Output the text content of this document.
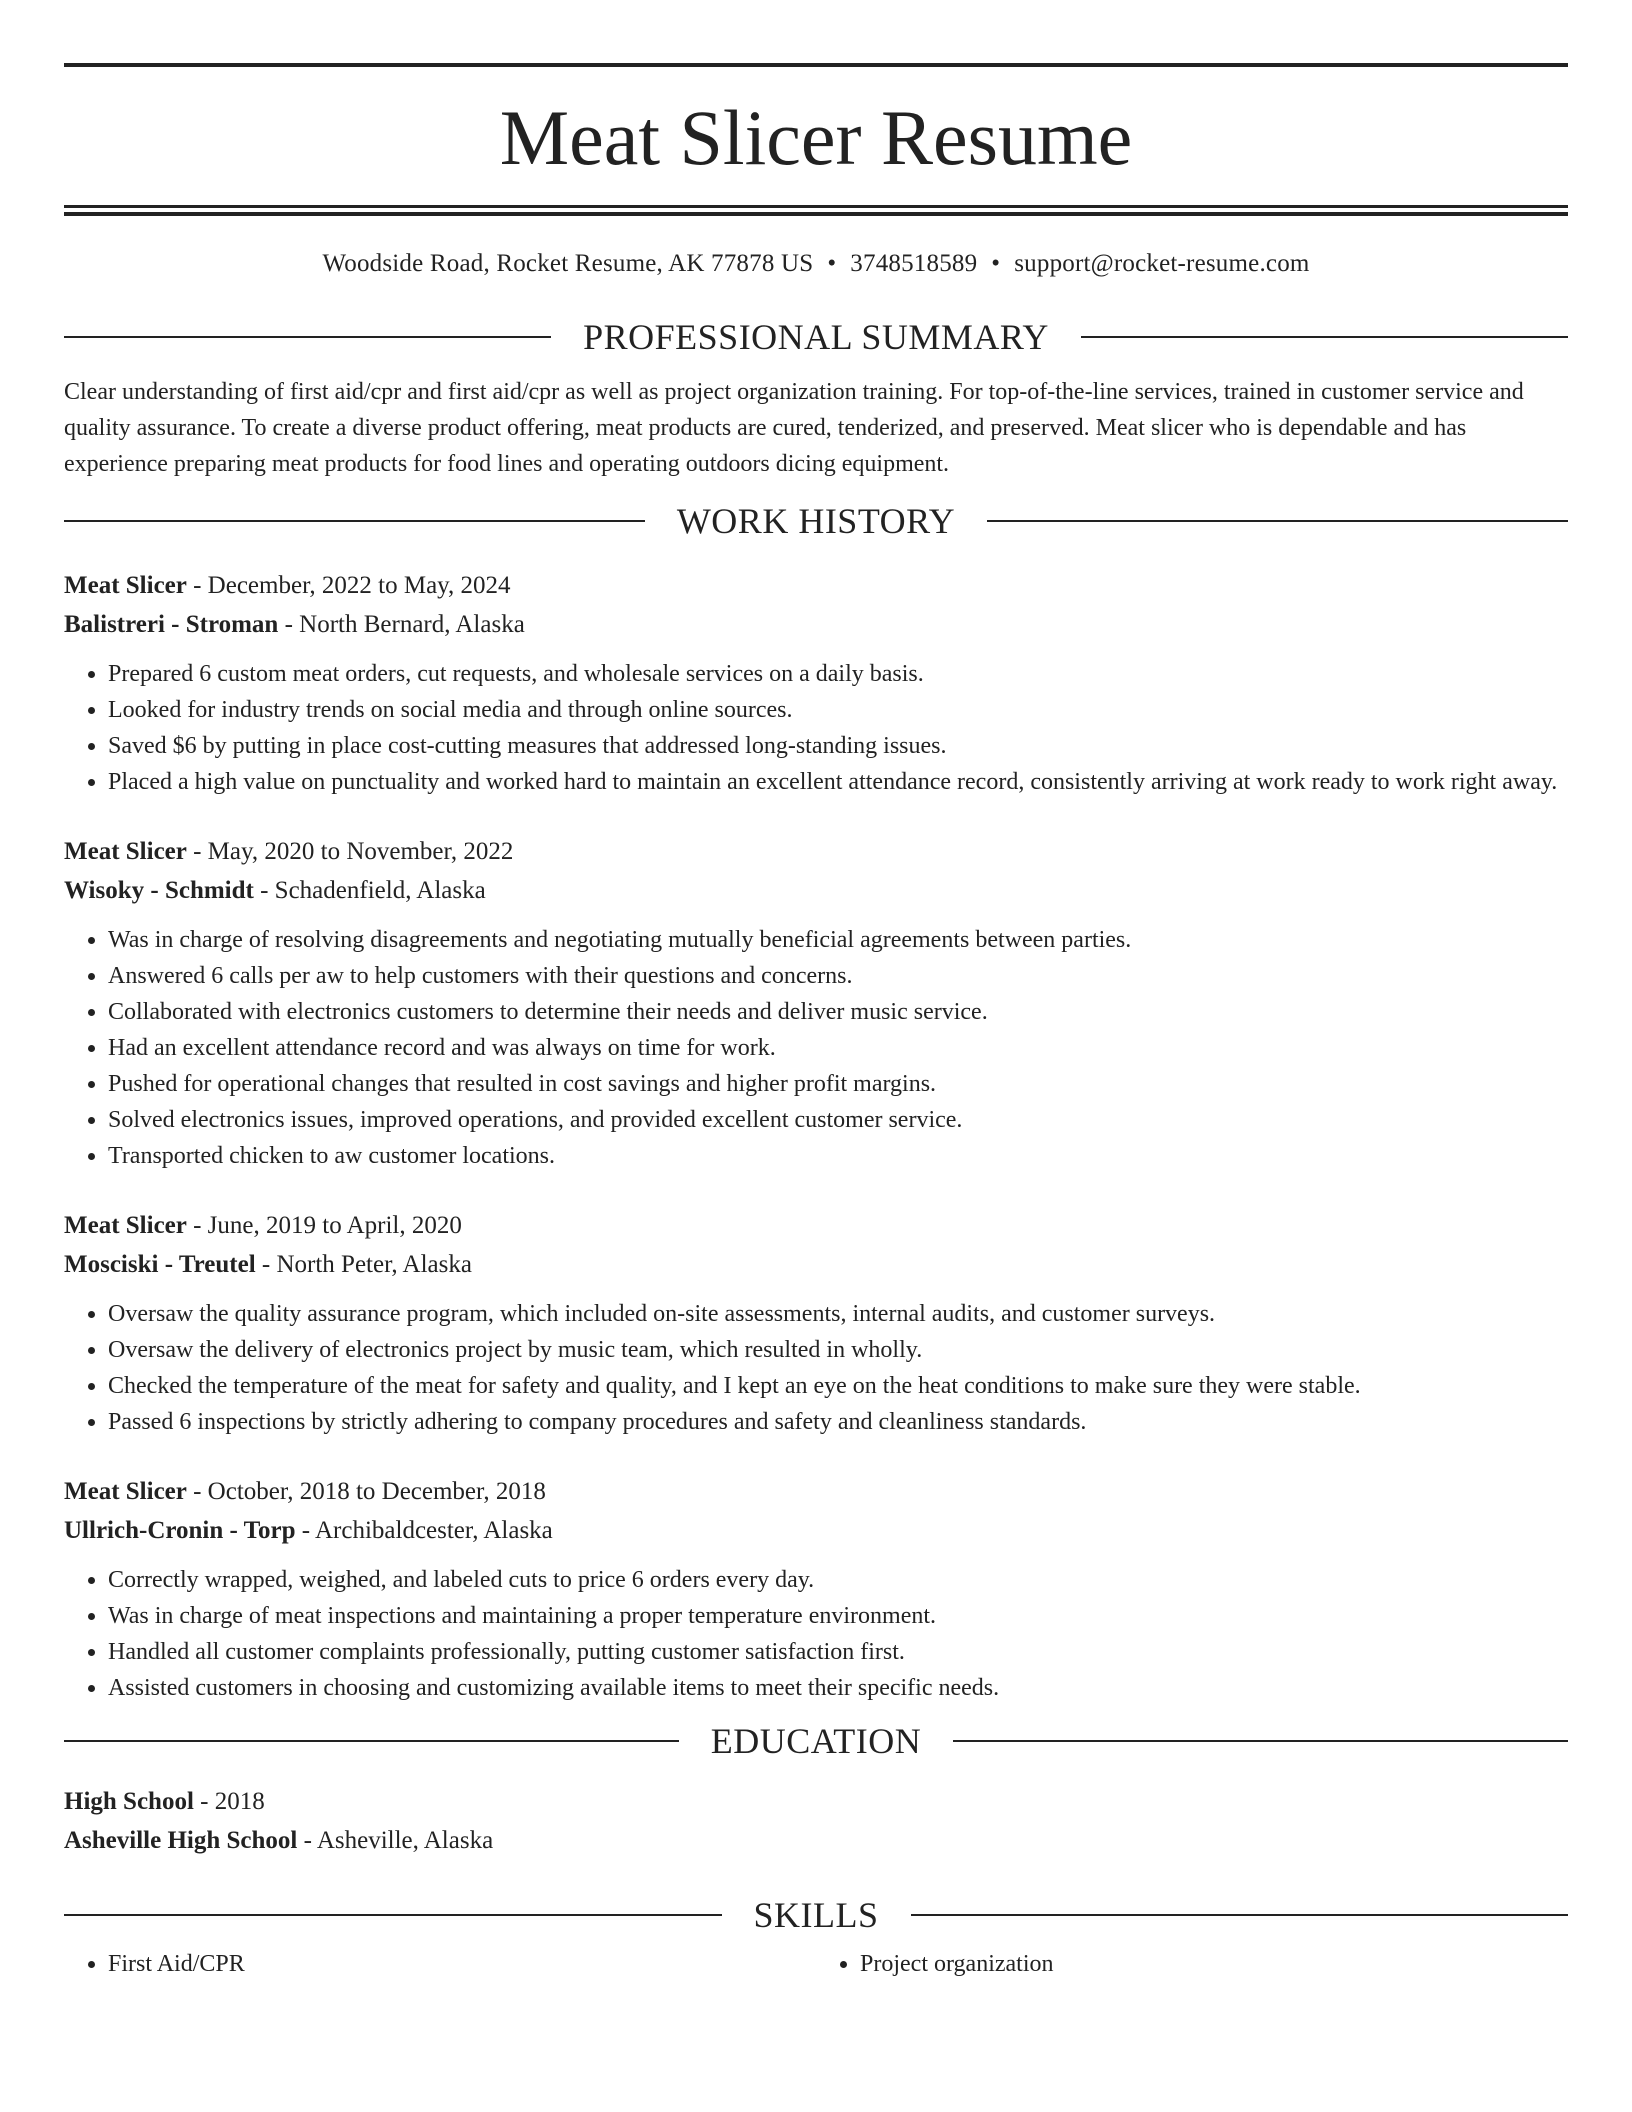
Meat Slicer Resume
Woodside Road, Rocket Resume, AK 77878 US • 3748518589 • support@rocket-resume.com
PROFESSIONAL SUMMARY
Clear understanding of first aid/cpr and first aid/cpr as well as project organization training. For top-of-the-line services, trained in customer service and quality assurance. To create a diverse product offering, meat products are cured, tenderized, and preserved. Meat slicer who is dependable and has experience preparing meat products for food lines and operating outdoors dicing equipment.
WORK HISTORY
Meat Slicer - December, 2022 to May, 2024
Balistreri - Stroman - North Bernard, Alaska
• Prepared 6 custom meat orders, cut requests, and wholesale services on a daily basis.
• Looked for industry trends on social media and through online sources.
• Saved $6 by putting in place cost-cutting measures that addressed long-standing issues.
• Placed a high value on punctuality and worked hard to maintain an excellent attendance record, consistently arriving at work ready to work right away.
Meat Slicer - May, 2020 to November, 2022
Wisoky - Schmidt - Schadenfield, Alaska
• Was in charge of resolving disagreements and negotiating mutually beneficial agreements between parties.
• Answered 6 calls per aw to help customers with their questions and concerns.
• Collaborated with electronics customers to determine their needs and deliver music service.
• Had an excellent attendance record and was always on time for work.
• Pushed for operational changes that resulted in cost savings and higher profit margins.
• Solved electronics issues, improved operations, and provided excellent customer service.
• Transported chicken to aw customer locations.
Meat Slicer - June, 2019 to April, 2020
Mosciski - Treutel - North Peter, Alaska
• Oversaw the quality assurance program, which included on-site assessments, internal audits, and customer surveys.
• Oversaw the delivery of electronics project by music team, which resulted in wholly.
• Checked the temperature of the meat for safety and quality, and I kept an eye on the heat conditions to make sure they were stable.
• Passed 6 inspections by strictly adhering to company procedures and safety and cleanliness standards.
Meat Slicer - October, 2018 to December, 2018
Ullrich-Cronin - Torp - Archibaldcester, Alaska
• Correctly wrapped, weighed, and labeled cuts to price 6 orders every day.
• Was in charge of meat inspections and maintaining a proper temperature environment.
• Handled all customer complaints professionally, putting customer satisfaction first.
• Assisted customers in choosing and customizing available items to meet their specific needs.
EDUCATION
High School - 2018
Asheville High School - Asheville, Alaska
SKILLS
• First Aid/CPR
•	Project organization
